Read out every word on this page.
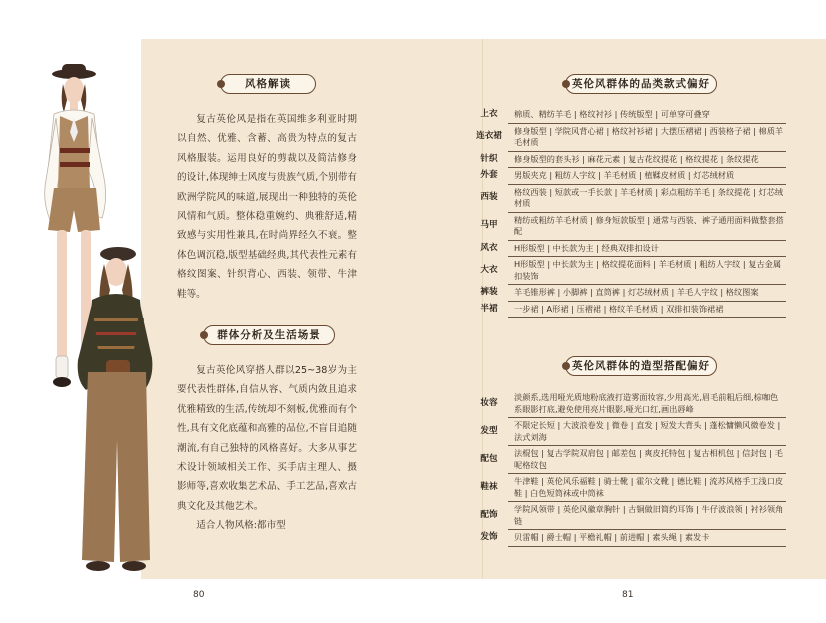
风格解读

复古英伦风是指在英国维多利亚时期以自然、优雅、含蓄、高贵为特点的复古风格服装。运用良好的剪裁以及简洁修身的设计,体现绅士风度与贵族气质,个别带有欧洲学院风的味道,展现出一种独特的英伦风情和气质。整体稳重婉约、典雅舒适,精致感与实用性兼具,在时尚界经久不衰。整体色调沉稳,版型基础经典,其代表性元素有格纹图案、针织背心、西装、领带、牛津鞋等。

群体分析及生活场景

复古英伦风穿搭人群以25~38岁为主要代表性群体,自信从容、气质内敛且追求优雅精致的生活,传统却不刻板,优雅而有个性,具有文化底蕴和高雅的品位,不盲目追随潮流,有自己独特的风格喜好。大多从事艺术设计领域相关工作、买手店主理人、摄影师等,喜欢收集艺术品、手工艺品,喜欢古典文化及其他艺术。

适合人物风格:都市型

80
英伦风群体的品类款式偏好
上衣	棉质、精纺羊毛 | 格纹衬衫 | 传统版型 | 可单穿可叠穿
连衣裙	修身版型 | 学院风背心裙 | 格纹衬衫裙 | 大摆压褶裙 | 西装格子裙 | 棉质羊毛材质
针织	修身版型的套头衫 | 麻花元素 | 复古花纹提花 | 格纹提花 | 条纹提花
外套	男版夹克 | 粗纺人字纹 | 羊毛材质 | 植鞣皮材质 | 灯芯绒材质
西装	格纹西装 | 短款或一手长款 | 羊毛材质 | 彩点粗纺羊毛 | 条纹提花 | 灯芯绒材质
马甲	精纺或粗纺羊毛材质 | 修身短款版型 | 通常与西装、裤子通用面料做整套搭配
风衣	H形版型 | 中长款为主 | 经典双排扣设计
大衣	H形版型 | 中长款为主 | 格纹提花面料 | 羊毛材质 | 粗纺人字纹 | 复古金属扣装饰
裤装	羊毛锥形裤 | 小脚裤 | 直筒裤 | 灯芯绒材质 | 羊毛人字纹 | 格纹图案
半裙	一步裙 | A形裙 | 压褶裙 | 格纹羊毛材质 | 双排扣装饰裙裙
英伦风群体的造型搭配偏好
妆容	淡颜系,选用哑光质地粉底液打造雾面妆容,少用高光,眉毛前粗后细,棕咖色系眼影打底,避免使用亮片眼影,哑光口红,画出唇峰
发型	不限定长短 | 大波浪卷发 | 微卷 | 直发 | 短发大背头 | 蓬松慵懒风微卷发 | 法式刘海
配包	法棍包 | 复古学院双肩包 | 邮差包 | 爽皮托特包 | 复古相机包 | 信封包 | 毛呢格纹包
鞋袜	牛津鞋 | 英伦风乐福鞋 | 骑士靴 | 霍尔文靴 | 德比鞋 | 流苏风格手工浅口皮鞋 | 白色短筒袜或中筒袜
配饰	学院风领带 | 英伦风徽章胸针 | 古铜做旧简约耳饰 | 牛仔波浪领 | 衬衫领角链
发饰	贝雷帽 | 爵士帽 | 平檐礼帽 | 前进帽 | 素头绳 | 素发卡
81
